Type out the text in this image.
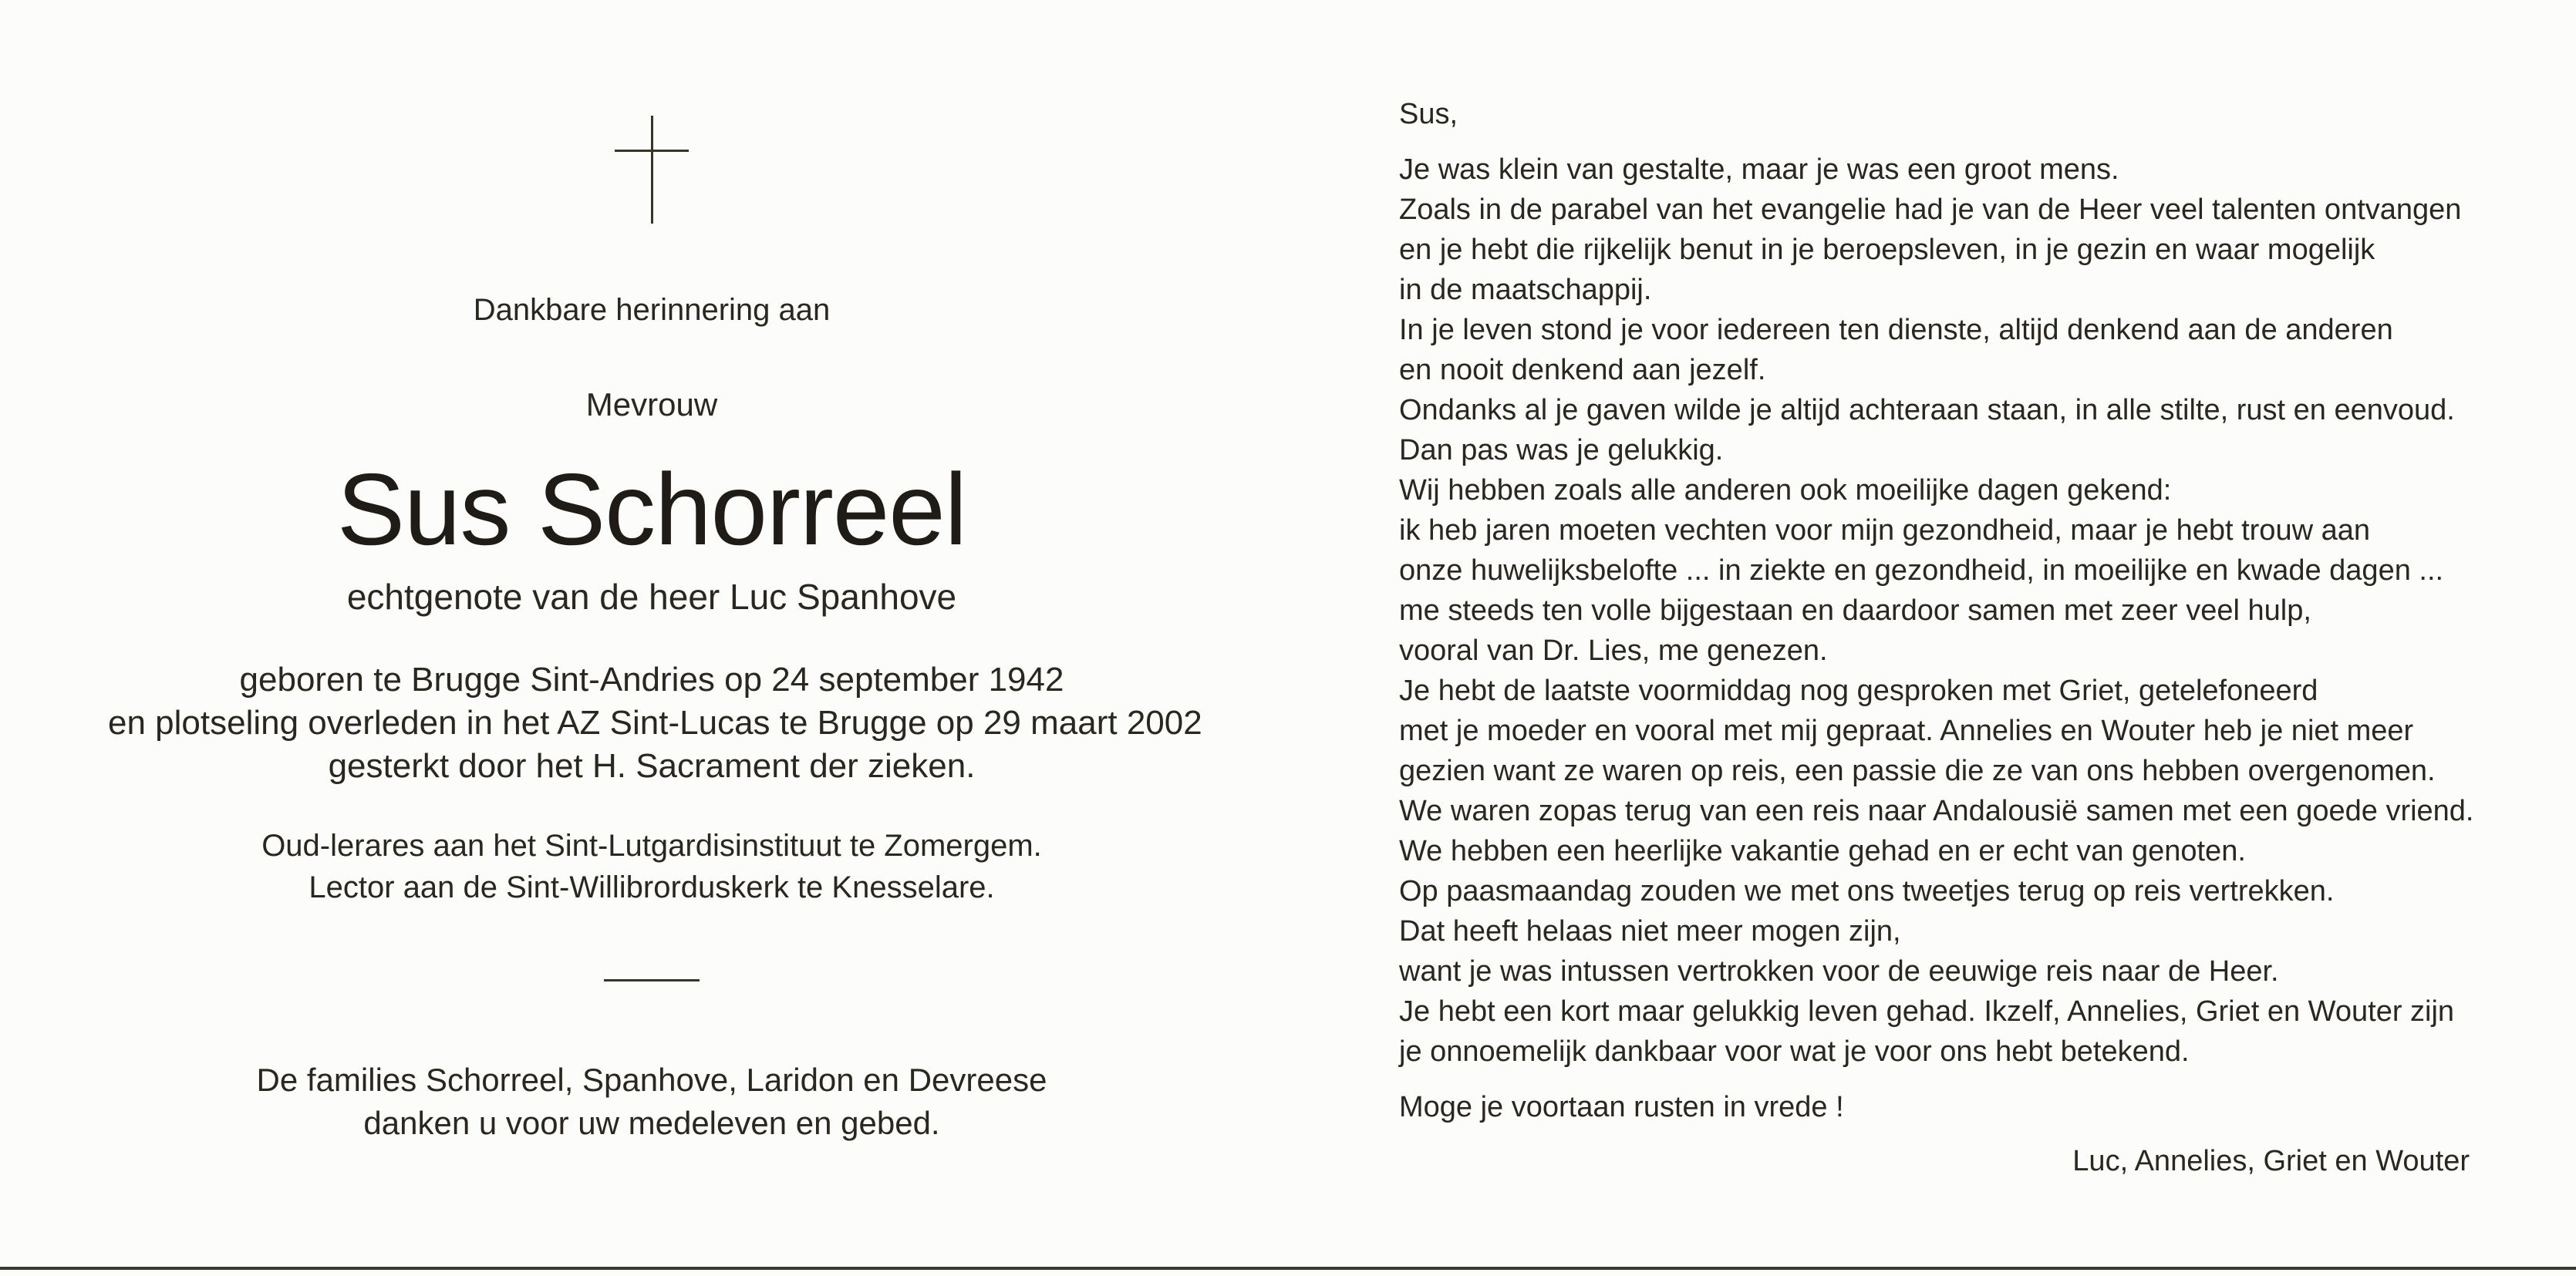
Dankbare herinnering aan
Mevrouw
Sus Schorreel
echtgenote van de heer Luc Spanhove
geboren te Brugge Sint-Andries op 24 september 1942
en plotseling overleden in het AZ Sint-Lucas te Brugge op 29 maart 2002
gesterkt door het H. Sacrament der zieken.
Oud-lerares aan het Sint-Lutgardisinstituut te Zomergem.
Lector aan de Sint-Willibrorduskerk te Knesselare.
De families Schorreel, Spanhove, Laridon en Devreese
danken u voor uw medeleven en gebed.
Sus,
Je was klein van gestalte, maar je was een groot mens.
Zoals in de parabel van het evangelie had je van de Heer veel talenten ontvangen
en je hebt die rijkelijk benut in je beroepsleven, in je gezin en waar mogelijk
in de maatschappij.
In je leven stond je voor iedereen ten dienste, altijd denkend aan de anderen
en nooit denkend aan jezelf.
Ondanks al je gaven wilde je altijd achteraan staan, in alle stilte, rust en eenvoud.
Dan pas was je gelukkig.
Wij hebben zoals alle anderen ook moeilijke dagen gekend:
ik heb jaren moeten vechten voor mijn gezondheid, maar je hebt trouw aan
onze huwelijksbelofte ... in ziekte en gezondheid, in moeilijke en kwade dagen ...
me steeds ten volle bijgestaan en daardoor samen met zeer veel hulp,
vooral van Dr. Lies, me genezen.
Je hebt de laatste voormiddag nog gesproken met Griet, getelefoneerd
met je moeder en vooral met mij gepraat. Annelies en Wouter heb je niet meer
gezien want ze waren op reis, een passie die ze van ons hebben overgenomen.
We waren zopas terug van een reis naar Andalousië samen met een goede vriend.
We hebben een heerlijke vakantie gehad en er echt van genoten.
Op paasmaandag zouden we met ons tweetjes terug op reis vertrekken.
Dat heeft helaas niet meer mogen zijn,
want je was intussen vertrokken voor de eeuwige reis naar de Heer.
Je hebt een kort maar gelukkig leven gehad. Ikzelf, Annelies, Griet en Wouter zijn
je onnoemelijk dankbaar voor wat je voor ons hebt betekend.
Moge je voortaan rusten in vrede !
Luc, Annelies, Griet en Wouter
